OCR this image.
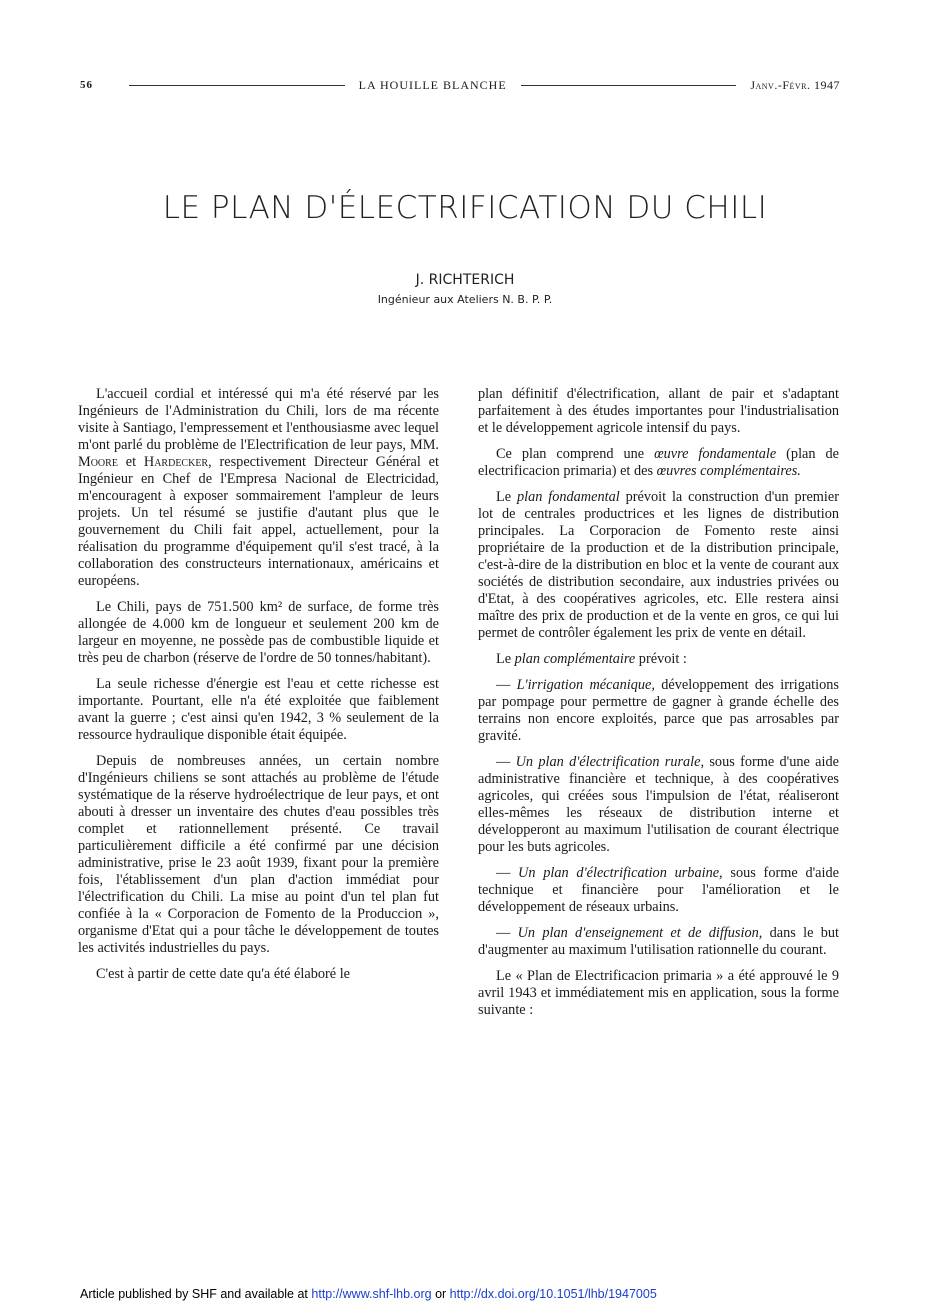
56	LA HOUILLE BLANCHE	Janv.-Févr. 1947
LE PLAN D'ÉLECTRIFICATION DU CHILI
J. RICHTERICH
Ingénieur aux Ateliers N. B. P. P.

L'accueil cordial et intéressé qui m'a été réservé par les Ingénieurs de l'Administration du Chili, lors de ma récente visite à Santiago, l'empressement et l'enthousiasme avec lequel m'ont parlé du problème de l'Electrification de leur pays, MM. Moore et Hardecker, respectivement Directeur Général et Ingénieur en Chef de l'Empresa Nacional de Electricidad, m'encouragent à exposer sommairement l'ampleur de leurs projets. Un tel résumé se justifie d'autant plus que le gouvernement du Chili fait appel, actuellement, pour la réalisation du programme d'équipement qu'il s'est tracé, à la collaboration des constructeurs internationaux, américains et européens.

Le Chili, pays de 751.500 km² de surface, de forme très allongée de 4.000 km de longueur et seulement 200 km de largeur en moyenne, ne possède pas de combustible liquide et très peu de charbon (réserve de l'ordre de 50 tonnes/habitant).

La seule richesse d'énergie est l'eau et cette richesse est importante. Pourtant, elle n'a été exploitée que faiblement avant la guerre ; c'est ainsi qu'en 1942, 3 % seulement de la ressource hydraulique disponible était équipée.

Depuis de nombreuses années, un certain nombre d'Ingénieurs chiliens se sont attachés au problème de l'étude systématique de la réserve hydroélectrique de leur pays, et ont abouti à dresser un inventaire des chutes d'eau possibles très complet et rationnellement présenté. Ce travail particulièrement difficile a été confirmé par une décision administrative, prise le 23 août 1939, fixant pour la première fois, l'établissement d'un plan d'action immédiat pour l'électrification du Chili. La mise au point d'un tel plan fut confiée à la « Corporacion de Fomento de la Produccion », organisme d'Etat qui a pour tâche le développement de toutes les activités industrielles du pays.

C'est à partir de cette date qu'a été élaboré le

plan définitif d'électrification, allant de pair et s'adaptant parfaitement à des études importantes pour l'industrialisation et le développement agricole intensif du pays.

Ce plan comprend une œuvre fondamentale (plan de electrificacion primaria) et des œuvres complémentaires.

Le plan fondamental prévoit la construction d'un premier lot de centrales productrices et les lignes de distribution principales. La Corporacion de Fomento reste ainsi propriétaire de la production et de la distribution principale, c'est-à-dire de la distribution en bloc et la vente de courant aux sociétés de distribution secondaire, aux industries privées ou d'Etat, à des coopératives agricoles, etc. Elle restera ainsi maître des prix de production et de la vente en gros, ce qui lui permet de contrôler également les prix de vente en détail.

Le plan complémentaire prévoit :

— L'irrigation mécanique, développement des irrigations par pompage pour permettre de gagner à grande échelle des terrains non encore exploités, parce que pas arrosables par gravité.

— Un plan d'électrification rurale, sous forme d'une aide administrative financière et technique, à des coopératives agricoles, qui créées sous l'impulsion de l'état, réaliseront elles-mêmes les réseaux de distribution interne et développeront au maximum l'utilisation de courant électrique pour les buts agricoles.

— Un plan d'électrification urbaine, sous forme d'aide technique et financière pour l'amélioration et le développement de réseaux urbains.

— Un plan d'enseignement et de diffusion, dans le but d'augmenter au maximum l'utilisation rationnelle du courant.

Le « Plan de Electrificacion primaria » a été approuvé le 9 avril 1943 et immédiatement mis en application, sous la forme suivante :

Article published by SHF and available at http://www.shf-lhb.org or http://dx.doi.org/10.1051/lhb/1947005
